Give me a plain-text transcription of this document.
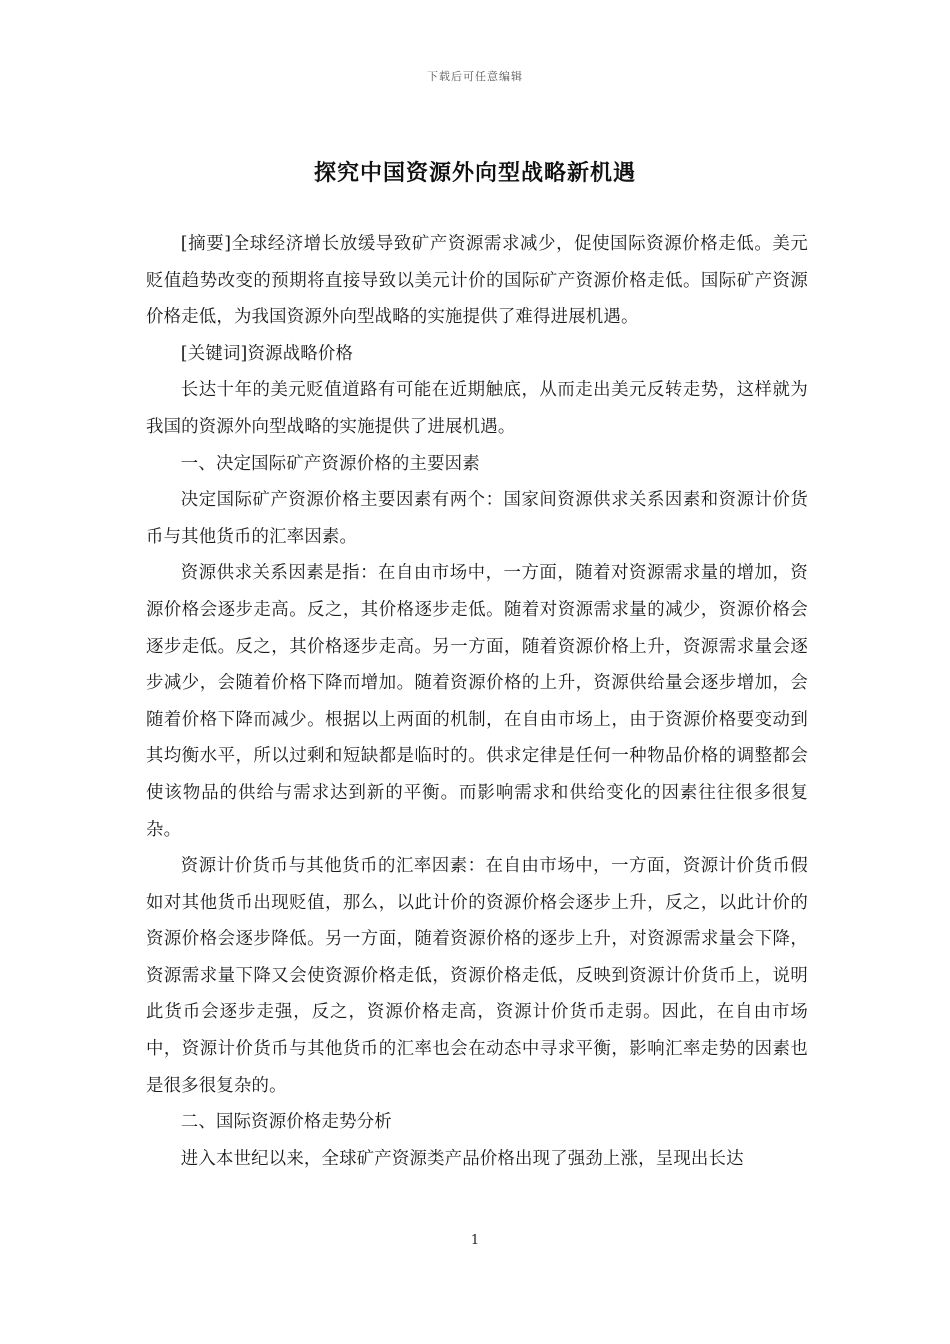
下载后可任意编辑
探究中国资源外向型战略新机遇

[摘要]全球经济增长放缓导致矿产资源需求减少，促使国际资源价格走低。美元贬值趋势改变的预期将直接导致以美元计价的国际矿产资源价格走低。国际矿产资源价格走低，为我国资源外向型战略的实施提供了难得进展机遇。

[关键词]资源战略价格

长达十年的美元贬值道路有可能在近期触底，从而走出美元反转走势，这样就为我国的资源外向型战略的实施提供了进展机遇。

一、决定国际矿产资源价格的主要因素

决定国际矿产资源价格主要因素有两个：国家间资源供求关系因素和资源计价货币与其他货币的汇率因素。

资源供求关系因素是指：在自由市场中，一方面，随着对资源需求量的增加，资源价格会逐步走高。反之，其价格逐步走低。随着对资源需求量的减少，资源价格会逐步走低。反之，其价格逐步走高。另一方面，随着资源价格上升，资源需求量会逐步减少，会随着价格下降而增加。随着资源价格的上升，资源供给量会逐步增加，会随着价格下降而减少。根据以上两面的机制，在自由市场上，由于资源价格要变动到其均衡水平，所以过剩和短缺都是临时的。供求定律是任何一种物品价格的调整都会使该物品的供给与需求达到新的平衡。而影响需求和供给变化的因素往往很多很复杂。

资源计价货币与其他货币的汇率因素：在自由市场中，一方面，资源计价货币假如对其他货币出现贬值，那么，以此计价的资源价格会逐步上升，反之，以此计价的资源价格会逐步降低。另一方面，随着资源价格的逐步上升，对资源需求量会下降，资源需求量下降又会使资源价格走低，资源价格走低，反映到资源计价货币上，说明此货币会逐步走强，反之，资源价格走高，资源计价货币走弱。因此，在自由市场中，资源计价货币与其他货币的汇率也会在动态中寻求平衡，影响汇率走势的因素也是很多很复杂的。

二、国际资源价格走势分析

进入本世纪以来，全球矿产资源类产品价格出现了强劲上涨，呈现出长达

1
